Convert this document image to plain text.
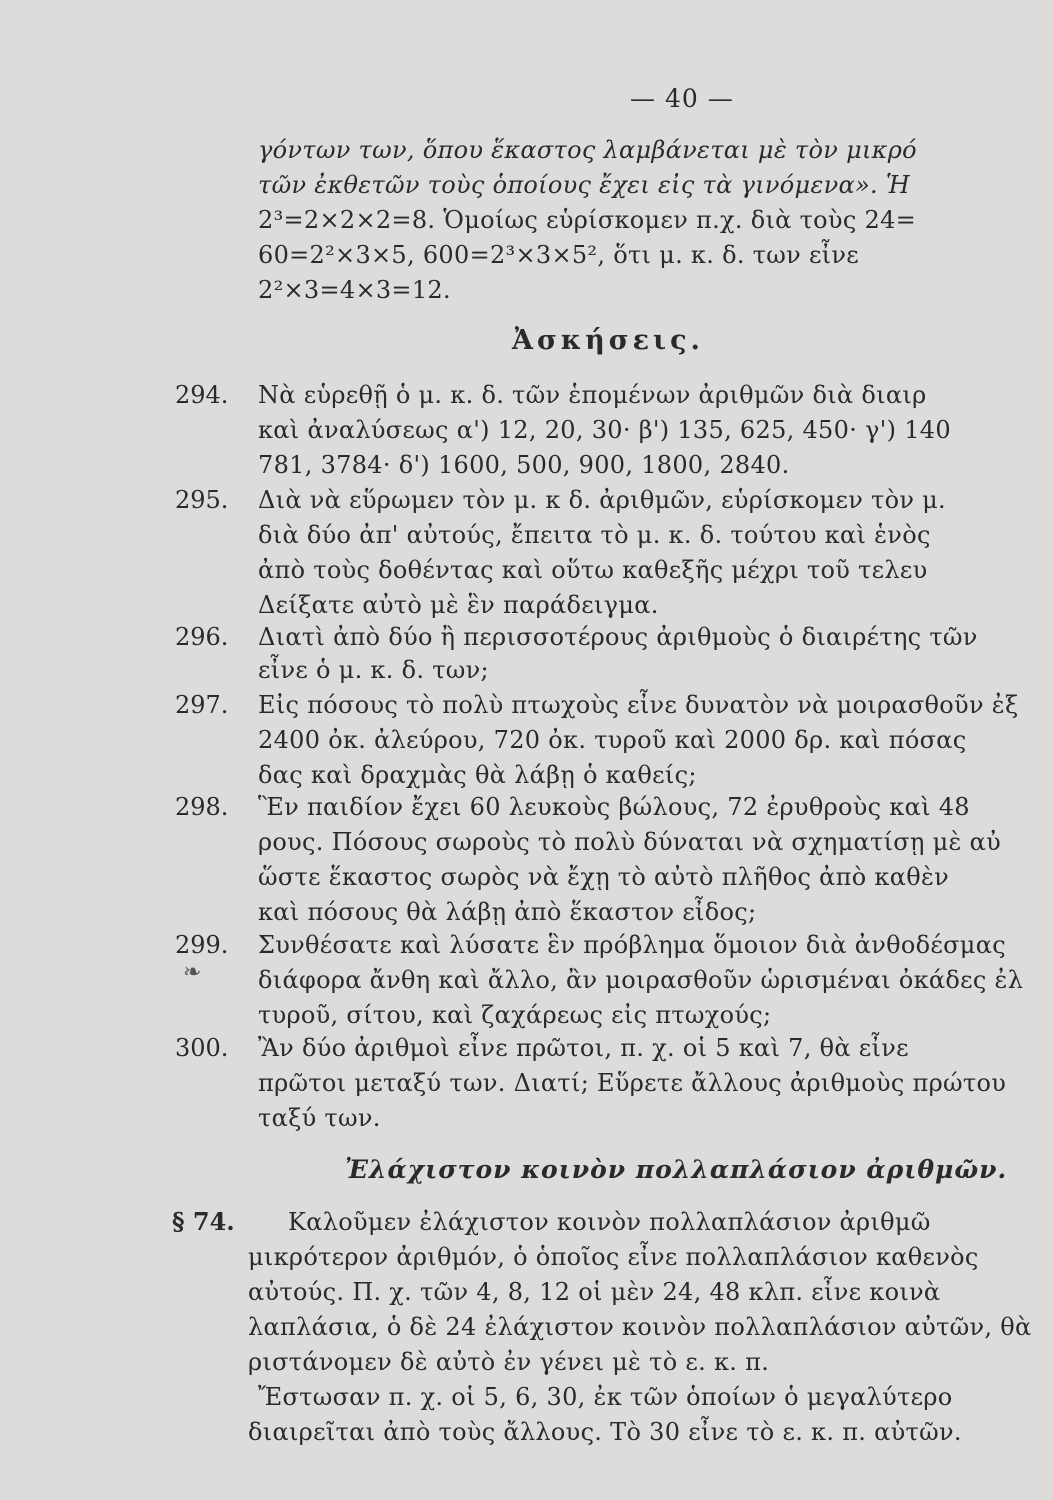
— 40 —
γόντων των, ὅπου ἕκαστος λαμβάνεται μὲ τὸν μικρό
τῶν ἐκθετῶν τοὺς ὁποίους ἔχει εἰς τὰ γινόμενα». Ἡ
2³=2×2×2=8. Ὁμοίως εὑρίσκομεν π.χ. διὰ τοὺς 24=
60=2²×3×5, 600=2³×3×5², ὅτι μ. κ. δ. των εἶνε
2²×3=4×3=12.
Ἀσκήσεις.
294. Νὰ εὑρεθῇ ὁ μ. κ. δ. τῶν ἑπομένων ἀριθμῶν διὰ διαιρ
καὶ ἀναλύσεως α') 12, 20, 30· β') 135, 625, 450· γ') 140
781, 3784· δ') 1600, 500, 900, 1800, 2840.
295. Διὰ νὰ εὕρωμεν τὸν μ. κ δ. ἀριθμῶν, εὑρίσκομεν τὸν μ.
διὰ δύο ἀπ' αὐτούς, ἔπειτα τὸ μ. κ. δ. τούτου καὶ ἑνὸς
ἀπὸ τοὺς δοθέντας καὶ οὕτω καθεξῆς μέχρι τοῦ τελευ
Δείξατε αὐτὸ μὲ ἓν παράδειγμα.
296. Διατὶ ἀπὸ δύο ἢ περισσοτέρους ἀριθμοὺς ὁ διαιρέτης τῶν
εἶνε ὁ μ. κ. δ. των;
297. Εἰς πόσους τὸ πολὺ πτωχοὺς εἶνε δυνατὸν νὰ μοιρασθοῦν ἐξ
2400 ὀκ. ἀλεύρου, 720 ὀκ. τυροῦ καὶ 2000 δρ. καὶ πόσας
δας καὶ δραχμὰς θὰ λάβῃ ὁ καθείς;
298. Ἓν παιδίον ἔχει 60 λευκοὺς βώλους, 72 ἐρυθροὺς καὶ 48
ρους. Πόσους σωροὺς τὸ πολὺ δύναται νὰ σχηματίσῃ μὲ αὐ
ὥστε ἕκαστος σωρὸς νὰ ἔχῃ τὸ αὐτὸ πλῆθος ἀπὸ καθὲν
καὶ πόσους θὰ λάβῃ ἀπὸ ἕκαστον εἶδος;
299. Συνθέσατε καὶ λύσατε ἓν πρόβλημα ὅμοιον διὰ ἀνθοδέσμας
❧ διάφορα ἄνθη καὶ ἄλλο, ἂν μοιρασθοῦν ὡρισμέναι ὀκάδες ἐλ
τυροῦ, σίτου, καὶ ζαχάρεως εἰς πτωχούς;
300. Ἂν δύο ἀριθμοὶ εἶνε πρῶτοι, π. χ. οἱ 5 καὶ 7, θὰ εἶνε
πρῶτοι μεταξύ των. Διατί; Εὕρετε ἄλλους ἀριθμοὺς πρώτου
ταξύ των.
Ἐλάχιστον κοινὸν πολλαπλάσιον ἀριθμῶν.
§ 74. Καλοῦμεν ἐλάχιστον κοινὸν πολλαπλάσιον ἀριθμῶ
μικρότερον ἀριθμόν, ὁ ὁποῖος εἶνε πολλαπλάσιον καθενὸς
αὐτούς. Π. χ. τῶν 4, 8, 12 οἱ μὲν 24, 48 κλπ. εἶνε κοινὰ
λαπλάσια, ὁ δὲ 24 ἐλάχιστον κοινὸν πολλαπλάσιον αὐτῶν, θὰ
ριστάνομεν δὲ αὐτὸ ἐν γένει μὲ τὸ ε. κ. π.
Ἔστωσαν π. χ. οἱ 5, 6, 30, ἐκ τῶν ὁποίων ὁ μεγαλύτερο
διαιρεῖται ἀπὸ τοὺς ἄλλους. Τὸ 30 εἶνε τὸ ε. κ. π. αὐτῶν.
